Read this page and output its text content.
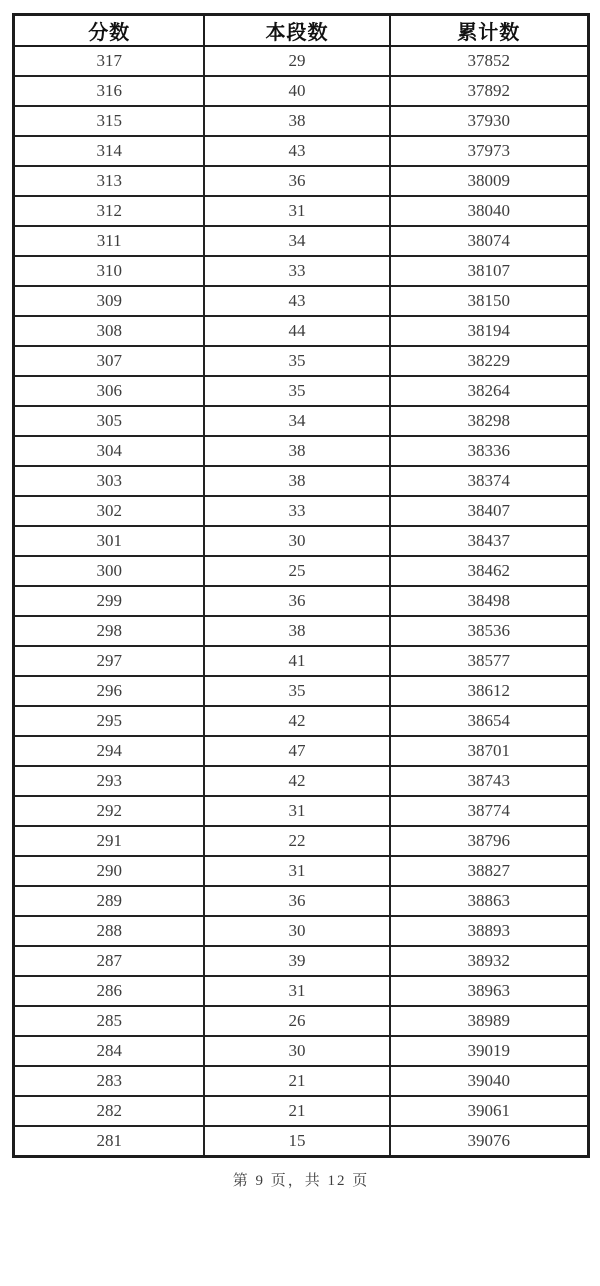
分数	本段数	累计数
317	29	37852
316	40	37892
315	38	37930
314	43	37973
313	36	38009
312	31	38040
311	34	38074
310	33	38107
309	43	38150
308	44	38194
307	35	38229
306	35	38264
305	34	38298
304	38	38336
303	38	38374
302	33	38407
301	30	38437
300	25	38462
299	36	38498
298	38	38536
297	41	38577
296	35	38612
295	42	38654
294	47	38701
293	42	38743
292	31	38774
291	22	38796
290	31	38827
289	36	38863
288	30	38893
287	39	38932
286	31	38963
285	26	38989
284	30	39019
283	21	39040
282	21	39061
281	15	39076
第 9 页，共 12 页
